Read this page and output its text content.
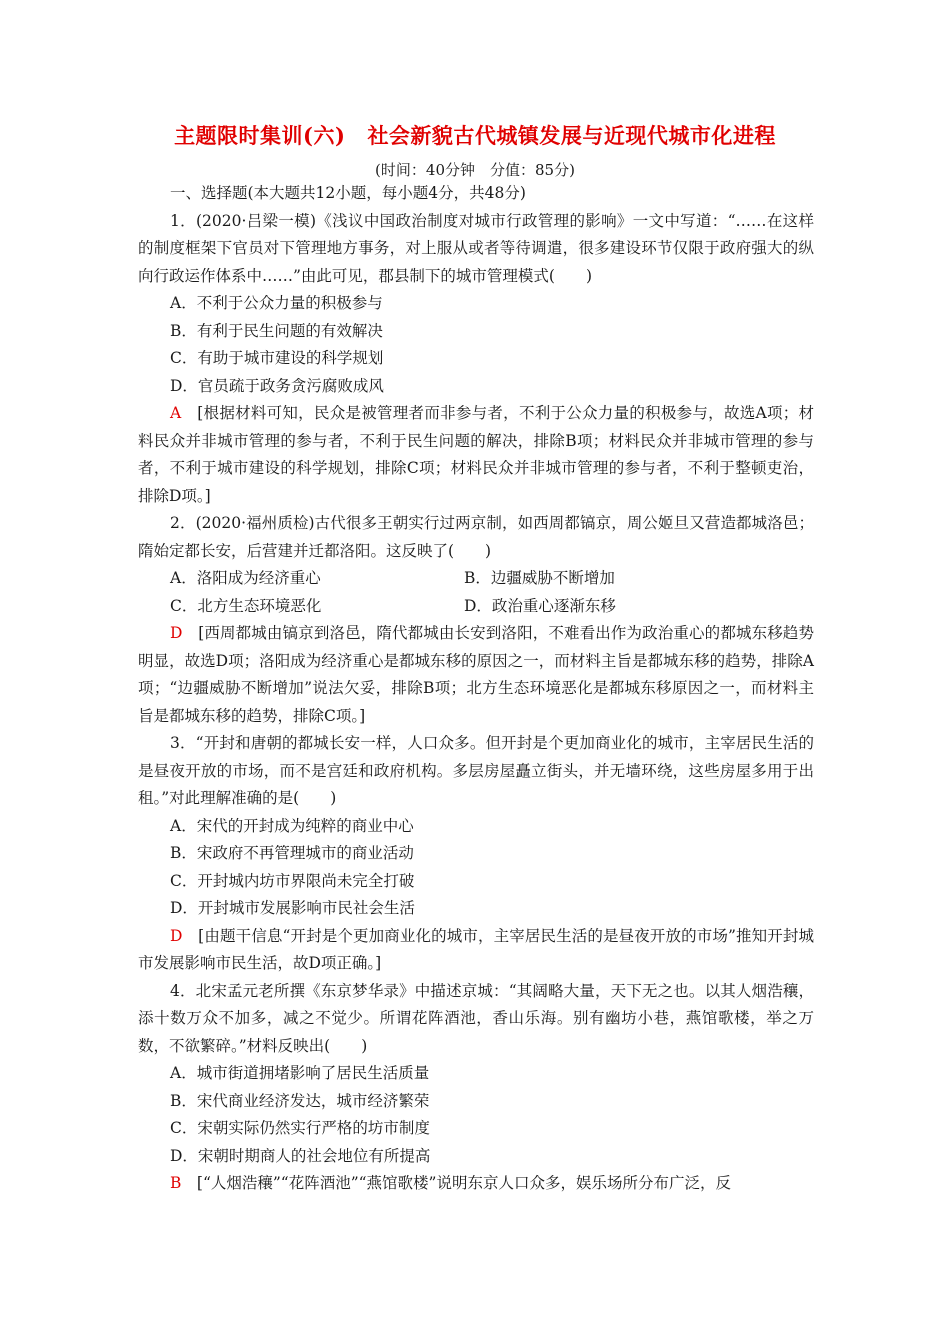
主题限时集训(六) 社会新貌古代城镇发展与近现代城市化进程
(时间：40分钟　分值：85分)

一、选择题(本大题共12小题，每小题4分，共48分)

1．(2020·吕梁一模)《浅议中国政治制度对城市行政管理的影响》一文中写道：“……在这样的制度框架下官员对下管理地方事务，对上服从或者等待调遣，很多建设环节仅限于政府强大的纵向行政运作体系中……”由此可见，郡县制下的城市管理模式(　　)

A．不利于公众力量的积极参与

B．有利于民生问题的有效解决

C．有助于城市建设的科学规划

D．官员疏于政务贪污腐败成风

A　[根据材料可知，民众是被管理者而非参与者，不利于公众力量的积极参与，故选A项；材料民众并非城市管理的参与者，不利于民生问题的解决，排除B项；材料民众并非城市管理的参与者，不利于城市建设的科学规划，排除C项；材料民众并非城市管理的参与者，不利于整顿吏治，排除D项。]

2．(2020·福州质检)古代很多王朝实行过两京制，如西周都镐京，周公姬旦又营造都城洛邑；隋始定都长安，后营建并迁都洛阳。这反映了(　　)

A．洛阳成为经济重心	B．边疆威胁不断增加
C．北方生态环境恶化	D．政治重心逐渐东移

D　[西周都城由镐京到洛邑，隋代都城由长安到洛阳，不难看出作为政治重心的都城东移趋势明显，故选D项；洛阳成为经济重心是都城东移的原因之一，而材料主旨是都城东移的趋势，排除A项；“边疆威胁不断增加”说法欠妥，排除B项；北方生态环境恶化是都城东移原因之一，而材料主旨是都城东移的趋势，排除C项。]

3．“开封和唐朝的都城长安一样，人口众多。但开封是个更加商业化的城市，主宰居民生活的是昼夜开放的市场，而不是宫廷和政府机构。多层房屋矗立街头，并无墙环绕，这些房屋多用于出租。”对此理解准确的是(　　)

A．宋代的开封成为纯粹的商业中心

B．宋政府不再管理城市的商业活动

C．开封城内坊市界限尚未完全打破

D．开封城市发展影响市民社会生活

D　[由题干信息“开封是个更加商业化的城市，主宰居民生活的是昼夜开放的市场”推知开封城市发展影响市民生活，故D项正确。]

4．北宋孟元老所撰《东京梦华录》中描述京城：“其阔略大量，天下无之也。以其人烟浩穰，添十数万众不加多，减之不觉少。所谓花阵酒池，香山乐海。别有幽坊小巷，燕馆歌楼，举之万数，不欲繁碎。”材料反映出(　　)

A．城市街道拥堵影响了居民生活质量

B．宋代商业经济发达，城市经济繁荣

C．宋朝实际仍然实行严格的坊市制度

D．宋朝时期商人的社会地位有所提高

B　[“人烟浩穰”“花阵酒池”“燕馆歌楼”说明东京人口众多，娱乐场所分布广泛，反
